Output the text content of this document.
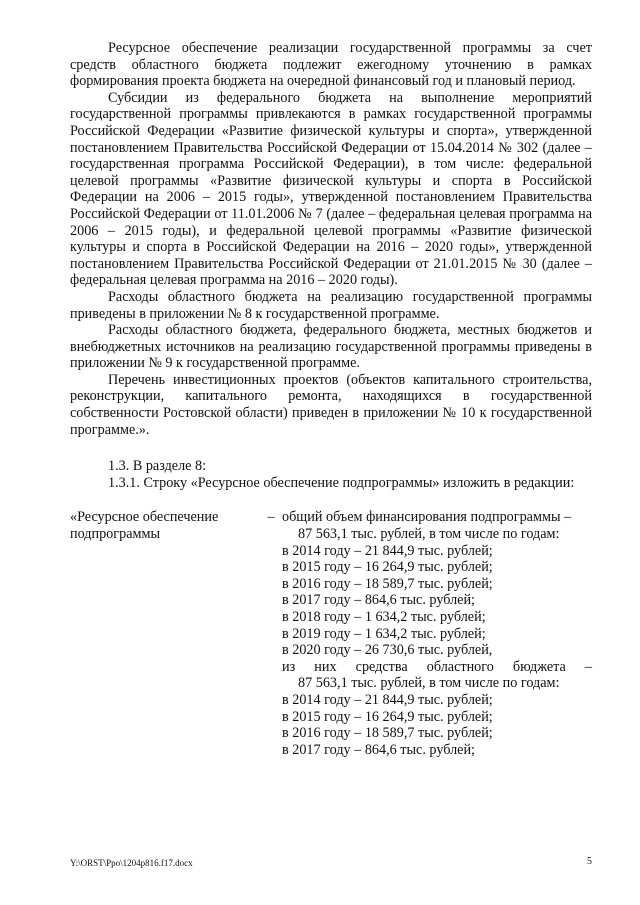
Ресурсное обеспечение реализации государственной программы за счет средств областного бюджета подлежит ежегодному уточнению в рамках формирования проекта бюджета на очередной финансовый год и плановый период.

Субсидии из федерального бюджета на выполнение мероприятий государственной программы привлекаются в рамках государственной программы Российской Федерации «Развитие физической культуры и спорта», утвержденной постановлением Правительства Российской Федерации от 15.04.2014 № 302 (далее – государственная программа Российской Федерации), в том числе: федеральной целевой программы «Развитие физической культуры и спорта в Российской Федерации на 2006 – 2015 годы», утвержденной постановлением Правительства Российской Федерации от 11.01.2006 № 7 (далее – федеральная целевая программа на 2006 – 2015 годы), и федеральной целевой программы «Развитие физической культуры и спорта в Российской Федерации на 2016 – 2020 годы», утвержденной постановлением Правительства Российской Федерации от 21.01.2015 № 30 (далее – федеральная целевая программа на 2016 – 2020 годы).

Расходы областного бюджета на реализацию государственной программы приведены в приложении № 8 к государственной программе.

Расходы областного бюджета, федерального бюджета, местных бюджетов и внебюджетных источников на реализацию государственной программы приведены в приложении № 9 к государственной программе.

Перечень инвестиционных проектов (объектов капитального строительства, реконструкции, капитального ремонта, находящихся в государственной собственности Ростовской области) приведен в приложении № 10 к государственной программе.».

1.3. В разделе 8:

1.3.1. Строку «Ресурсное обеспечение подпрограммы» изложить в редакции:

«Ресурсное обеспечение подпрограммы
– общий объем финансирования подпрограммы –
87 563,1 тыс. рублей, в том числе по годам:
в 2014 году – 21 844,9 тыс. рублей;
в 2015 году – 16 264,9 тыс. рублей;
в 2016 году – 18 589,7 тыс. рублей;
в 2017 году – 864,6 тыс. рублей;
в 2018 году – 1 634,2 тыс. рублей;
в 2019 году – 1 634,2 тыс. рублей;
в 2020 году – 26 730,6 тыс. рублей,
из них средства областного бюджета –
87 563,1 тыс. рублей, в том числе по годам:
в 2014 году – 21 844,9 тыс. рублей;
в 2015 году – 16 264,9 тыс. рублей;
в 2016 году – 18 589,7 тыс. рублей;
в 2017 году – 864,6 тыс. рублей;
Y:\ORST\Ppo\1204p816.f17.docx	5
